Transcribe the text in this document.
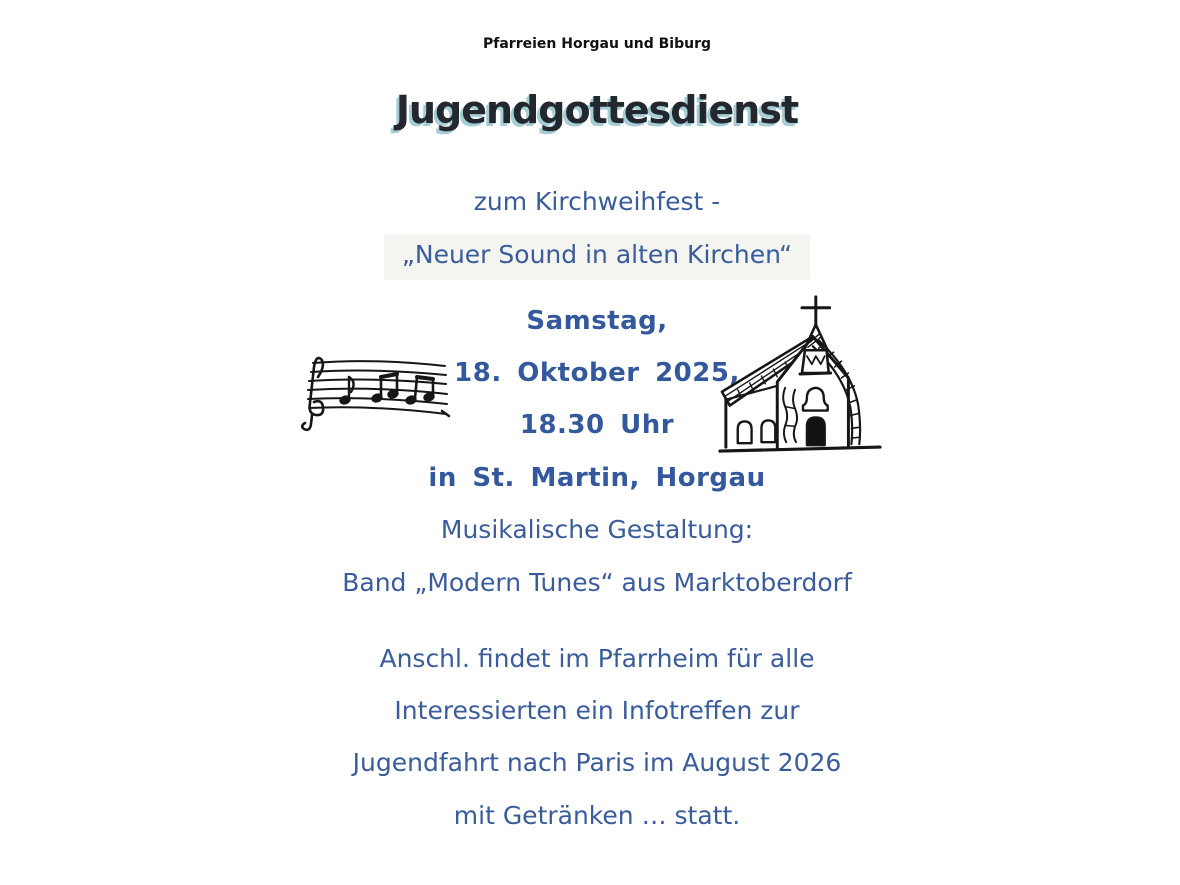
Pfarreien Horgau und Biburg
Jugendgottesdienst
zum Kirchweihfest -
„Neuer Sound in alten Kirchen“
Samstag,
18. Oktober 2025,
18.30 Uhr
in St. Martin, Horgau
Musikalische Gestaltung:
Band „Modern Tunes“ aus Marktoberdorf
Anschl. findet im Pfarrheim für alle
Interessierten ein Infotreffen zur
Jugendfahrt nach Paris im August 2026
mit Getränken … statt.
